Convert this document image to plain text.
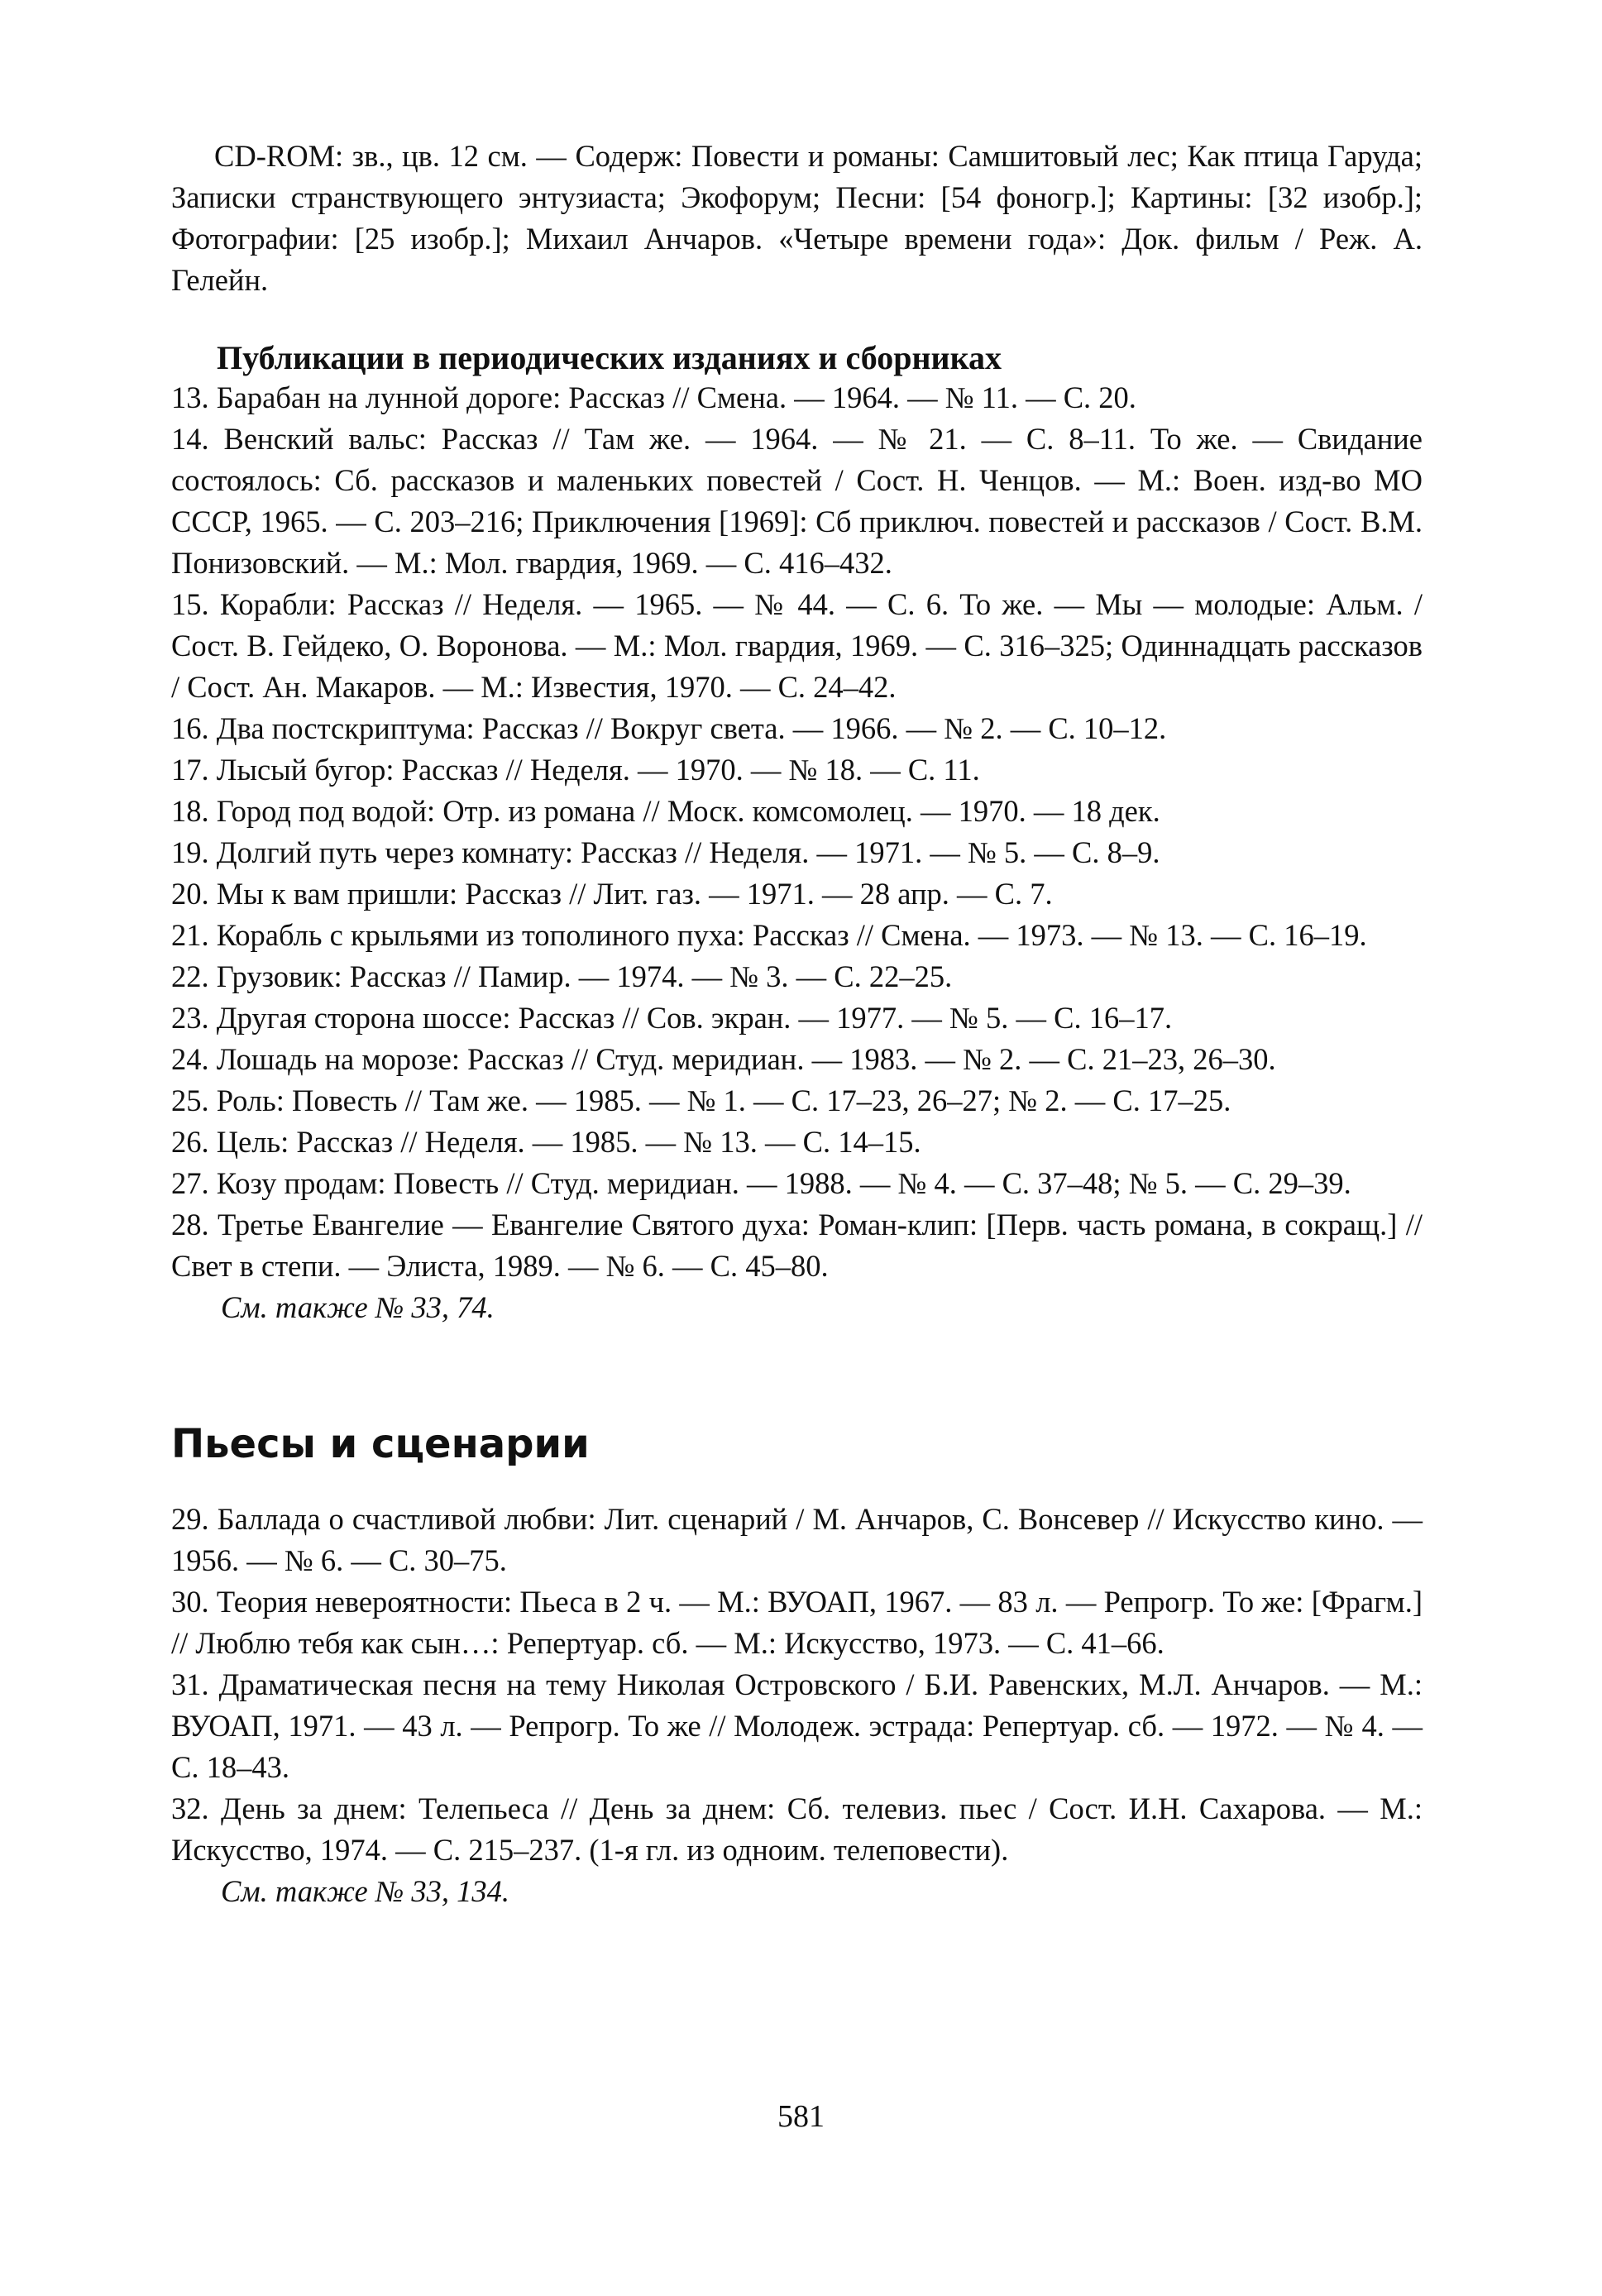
CD-ROM: зв., цв. 12 см. — Содерж: Повести и романы: Самшитовый лес; Как птица Гаруда; Записки странствующего энтузиаста; Экофорум; Песни: [54 фоногр.]; Картины: [32 изобр.]; Фотографии: [25 изобр.]; Михаил Анчаров. «Четыре времени года»: Док. фильм / Реж. А. Гелейн.

Публикации в периодических изданиях и сборниках

13. Барабан на лунной дороге: Рассказ // Смена. — 1964. — № 11. — С. 20.

14. Венский вальс: Рассказ // Там же. — 1964. — № 21. — С. 8–11. То же. — Свидание состоялось: Сб. рассказов и маленьких повестей / Сост. Н. Ченцов. — М.: Воен. изд-во МО СССР, 1965. — С. 203–216; Приключения [1969]: Сб приключ. повестей и рассказов / Сост. В.М. Понизовский. — М.: Мол. гвардия, 1969. — С. 416–432.

15. Корабли: Рассказ // Неделя. — 1965. — № 44. — С. 6. То же. — Мы — молодые: Альм. / Сост. В. Гейдеко, О. Воронова. — М.: Мол. гвардия, 1969. — С. 316–325; Одиннадцать рассказов / Сост. Ан. Макаров. — М.: Известия, 1970. — С. 24–42.

16. Два постскриптума: Рассказ // Вокруг света. — 1966. — № 2. — С. 10–12.

17. Лысый бугор: Рассказ // Неделя. — 1970. — № 18. — С. 11.

18. Город под водой: Отр. из романа // Моск. комсомолец. — 1970. — 18 дек.

19. Долгий путь через комнату: Рассказ // Неделя. — 1971. — № 5. — С. 8–9.

20. Мы к вам пришли: Рассказ // Лит. газ. — 1971. — 28 апр. — С. 7.

21. Корабль с крыльями из тополиного пуха: Рассказ // Смена. — 1973. — № 13. — С. 16–19.

22. Грузовик: Рассказ // Памир. — 1974. — № 3. — С. 22–25.

23. Другая сторона шоссе: Рассказ // Сов. экран. — 1977. — № 5. — С. 16–17.

24. Лошадь на морозе: Рассказ // Студ. меридиан. — 1983. — № 2. — С. 21–23, 26–30.

25. Роль: Повесть // Там же. — 1985. — № 1. — С. 17–23, 26–27; № 2. — С. 17–25.

26. Цель: Рассказ // Неделя. — 1985. — № 13. — С. 14–15.

27. Козу продам: Повесть // Студ. меридиан. — 1988. — № 4. — С. 37–48; № 5. — С. 29–39.

28. Третье Евангелие — Евангелие Святого духа: Роман-клип: [Перв. часть романа, в сокращ.] // Свет в степи. — Элиста, 1989. — № 6. — С. 45–80.

См. также № 33, 74.

Пьесы и сценарии

29. Баллада о счастливой любви: Лит. сценарий / М. Анчаров, С. Вонсевер // Искусство кино. — 1956. — № 6. — С. 30–75.

30. Теория невероятности: Пьеса в 2 ч. — М.: ВУОАП, 1967. — 83 л. — Репрогр. То же: [Фрагм.] // Люблю тебя как сын…: Репертуар. сб. — М.: Искусство, 1973. — С. 41–66.

31. Драматическая песня на тему Николая Островского / Б.И. Равенских, М.Л. Анчаров. — М.: ВУОАП, 1971. — 43 л. — Репрогр. То же // Молодеж. эстрада: Репертуар. сб. — 1972. — № 4. — С. 18–43.

32. День за днем: Телепьеса // День за днем: Сб. телевиз. пьес / Сост. И.Н. Сахарова. — М.: Искусство, 1974. — С. 215–237. (1-я гл. из одноим. телеповести).

См. также № 33, 134.

581
